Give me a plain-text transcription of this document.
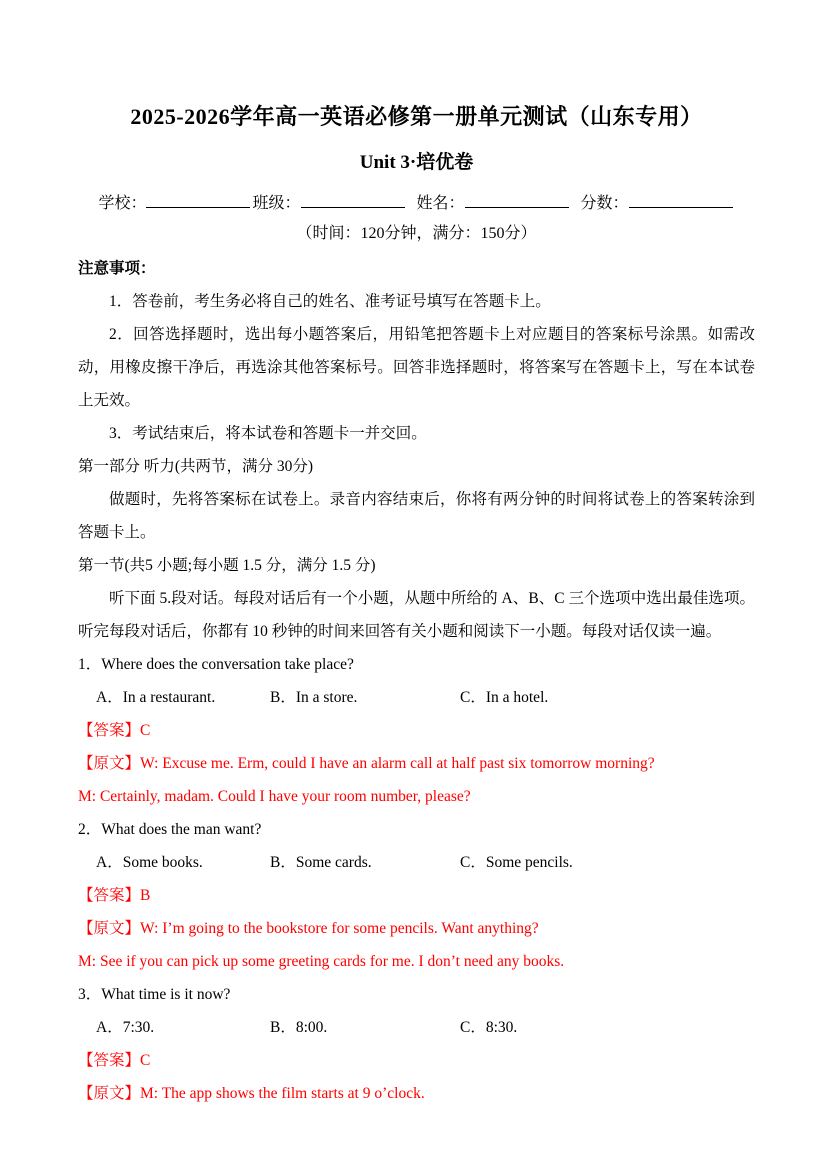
2025-2026学年高一英语必修第一册单元测试（山东专用）
Unit 3·培优卷
学校：	班级：	姓名：	分数：
（时间：120分钟，满分：150分）

注意事项：

1．答卷前，考生务必将自己的姓名、准考证号填写在答题卡上。

2．回答选择题时，选出每小题答案后，用铅笔把答题卡上对应题目的答案标号涂黑。如需改动，用橡皮擦干净后，再选涂其他答案标号。回答非选择题时，将答案写在答题卡上，写在本试卷上无效。

3．考试结束后，将本试卷和答题卡一并交回。

第一部分 听力(共两节，满分 30分)

做题时，先将答案标在试卷上。录音内容结束后，你将有两分钟的时间将试卷上的答案转涂到答题卡上。

第一节(共5 小题;每小题 1.5 分，满分 1.5 分)

听下面 5.段对话。每段对话后有一个小题，从题中所给的 A、B、C 三个选项中选出最佳选项。听完每段对话后，你都有 10 秒钟的时间来回答有关小题和阅读下一小题。每段对话仅读一遍。

1．Where does the conversation take place?

A．In a restaurant.	B．In a store.	C．In a hotel.

【答案】C

【原文】W: Excuse me. Erm, could I have an alarm call at half past six tomorrow morning?

M: Certainly, madam. Could I have your room number, please?

2．What does the man want?

A．Some books.	B．Some cards.	C．Some pencils.

【答案】B

【原文】W: I’m going to the bookstore for some pencils. Want anything?

M: See if you can pick up some greeting cards for me. I don’t need any books.

3．What time is it now?

A．7:30.	B．8:00.	C．8:30.

【答案】C

【原文】M: The app shows the film starts at 9 o’clock.
